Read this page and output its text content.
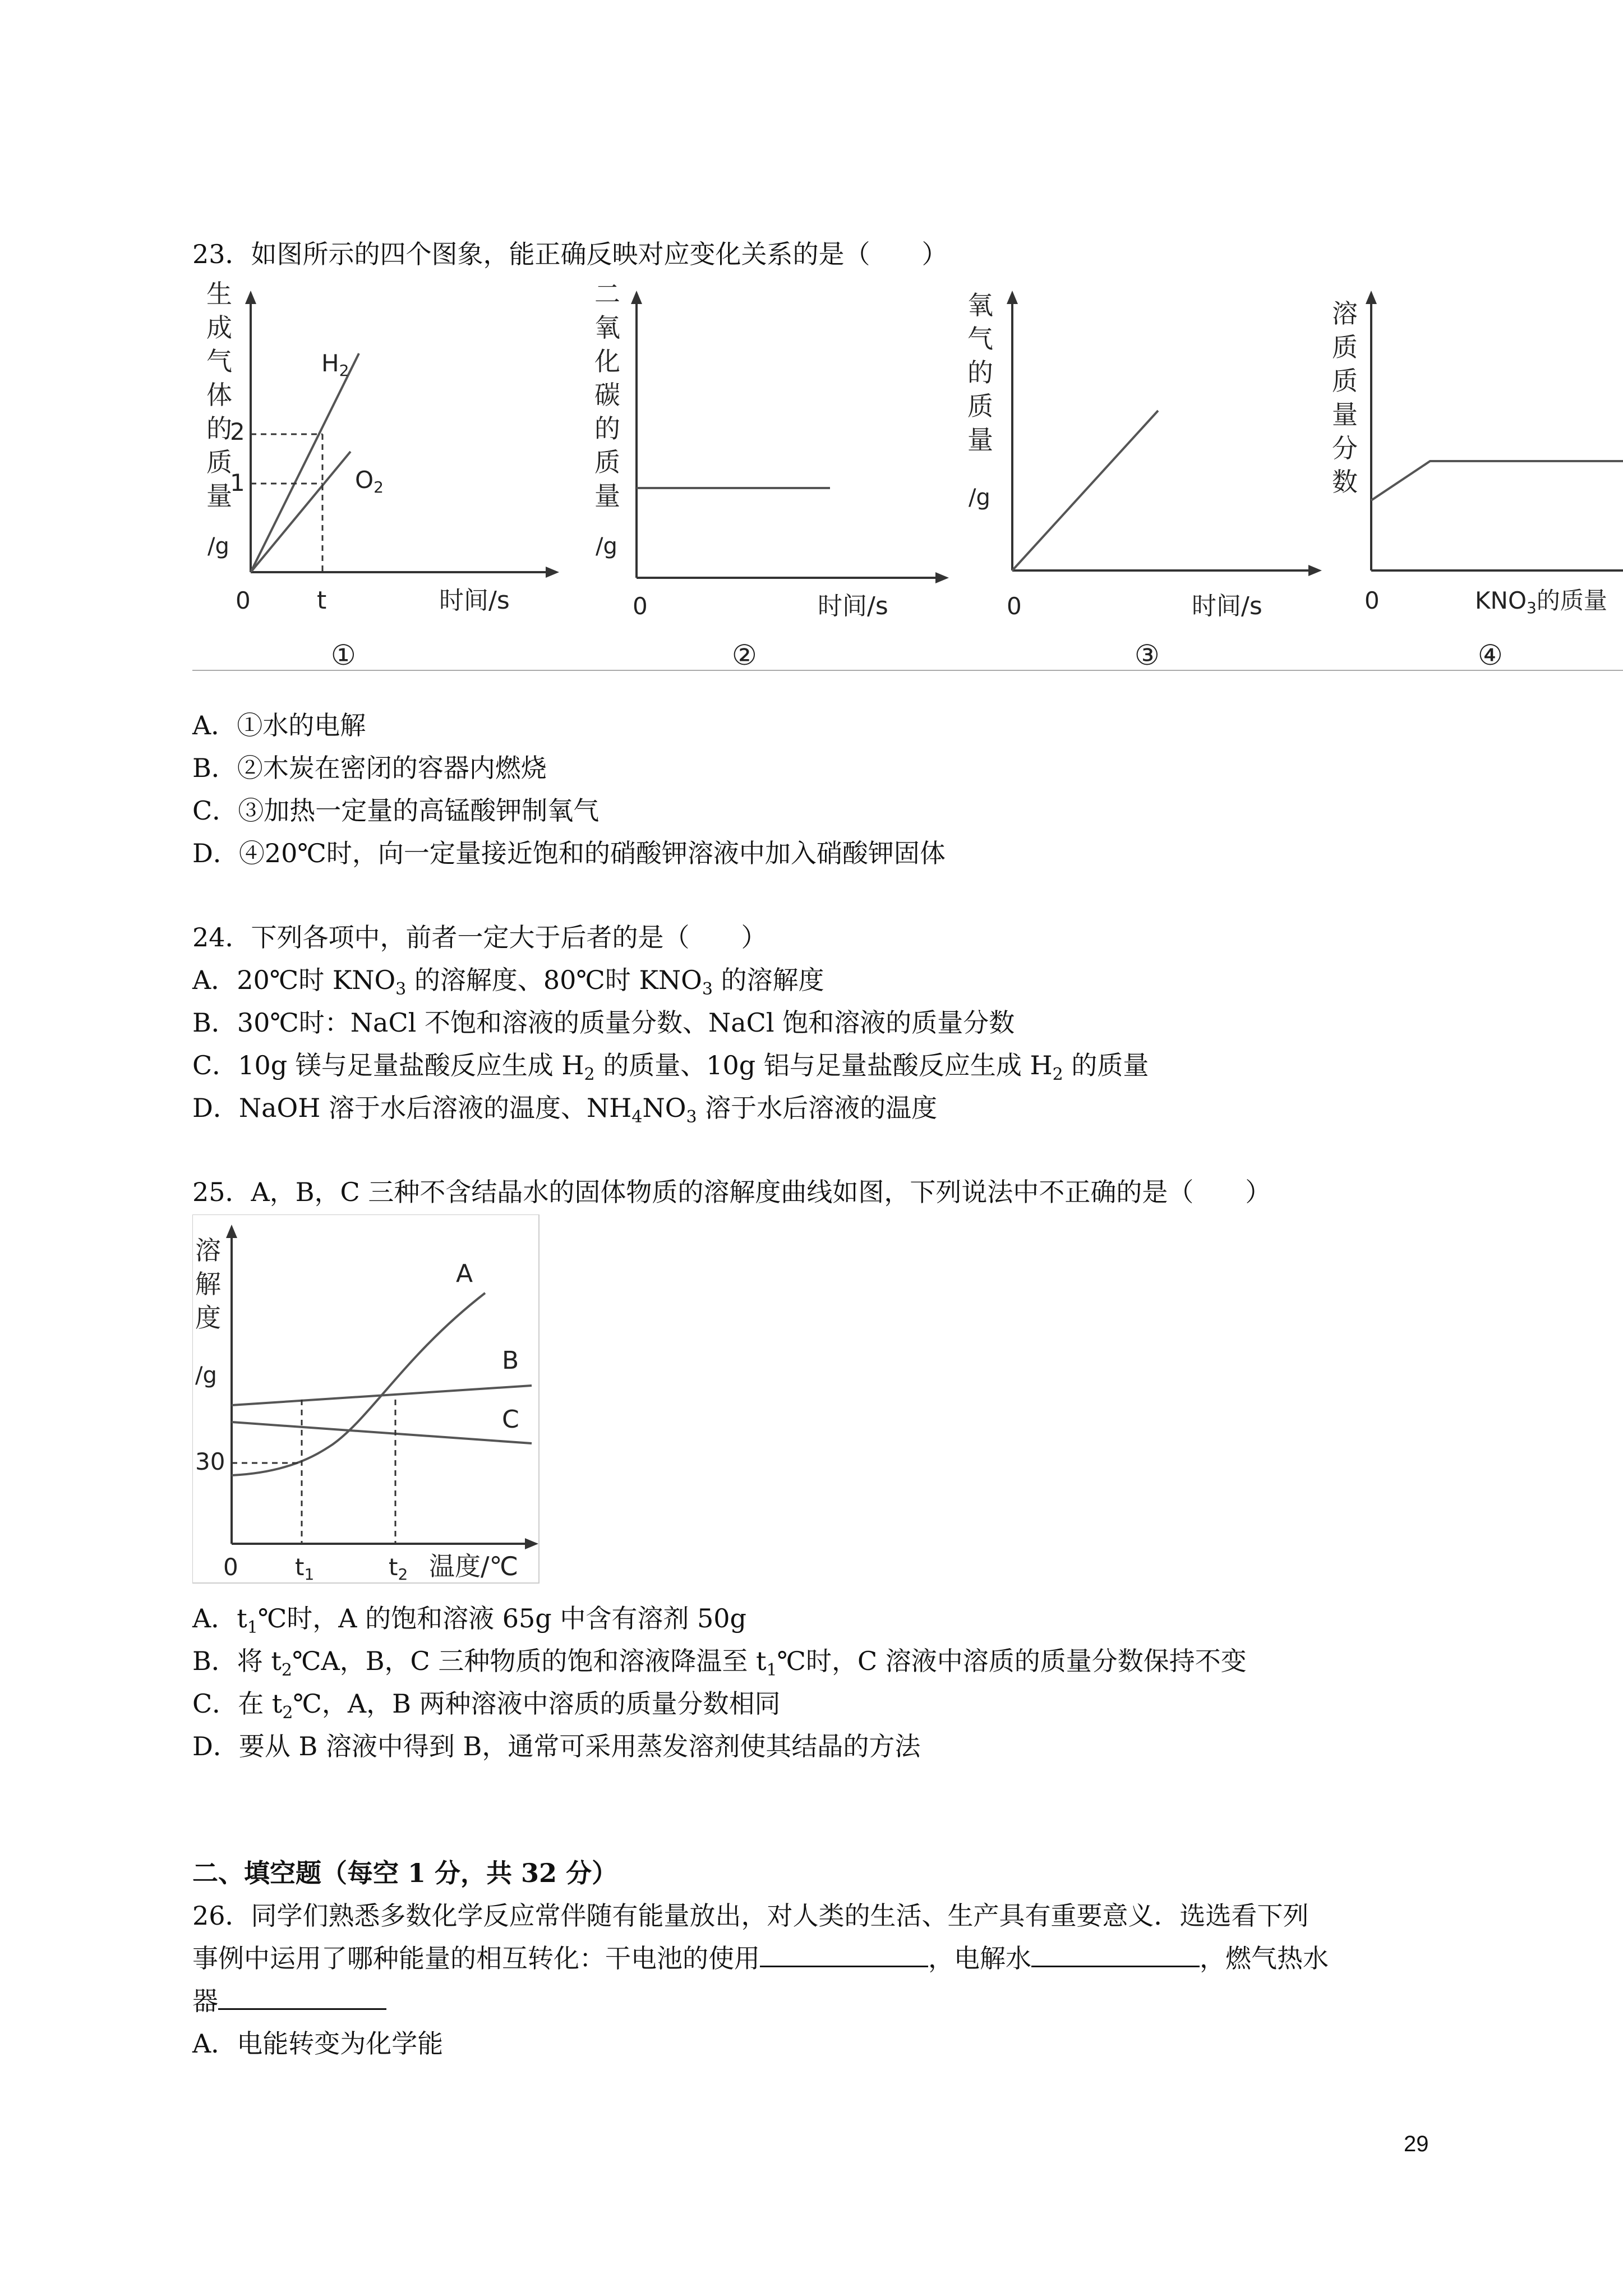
23．如图所示的四个图象，能正确反映对应变化关系的是（　　）
生
成
气
体
的
质
量
/g
2
1
0	t	时间/s
H2
O2
①
二
氧
化
碳
的
质
量
/g
0	时间/s
②
氧
气
的
质
量
/g
0	时间/s
③
溶
质
质
量
分
数
0	KNO3的质量
④
A．①水的电解
B．②木炭在密闭的容器内燃烧
C．③加热一定量的高锰酸钾制氧气
D．④20℃时，向一定量接近饱和的硝酸钾溶液中加入硝酸钾固体
24．下列各项中，前者一定大于后者的是（　　）
A．20℃时 $KNO_3$ 的溶解度、80℃时 $KNO_3$ 的溶解度
B．30℃时：NaCl 不饱和溶液的质量分数、NaCl 饱和溶液的质量分数
C．10g 镁与足量盐酸反应生成 $H_2$ 的质量、10g 铝与足量盐酸反应生成 $H_2$ 的质量
D．NaOH 溶于水后溶液的温度、$NH_4NO_3$ 溶于水后溶液的温度
25．A，B，C 三种不含结晶水的固体物质的溶解度曲线如图，下列说法中不正确的是（　　）
溶
解
度
/g
30
0 t1	t2 温度/℃
A
B
C
A．$t_1℃$时，A 的饱和溶液 65g 中含有溶剂 50g
B．将 $t_2℃A$，B，C 三种物质的饱和溶液降温至 $t_1℃$时，C 溶液中溶质的质量分数保持不变
C．在 $t_2℃$，A，B 两种溶液中溶质的质量分数相同
D．要从 B 溶液中得到 B，通常可采用蒸发溶剂使其结晶的方法
二、填空题（每空 1 分，共 32 分）
26．同学们熟悉多数化学反应常伴随有能量放出，对人类的生活、生产具有重要意义．选选看下列
事例中运用了哪种能量的相互转化：干电池的使用	，电解水	，燃气热水
器
A．电能转变为化学能
29
